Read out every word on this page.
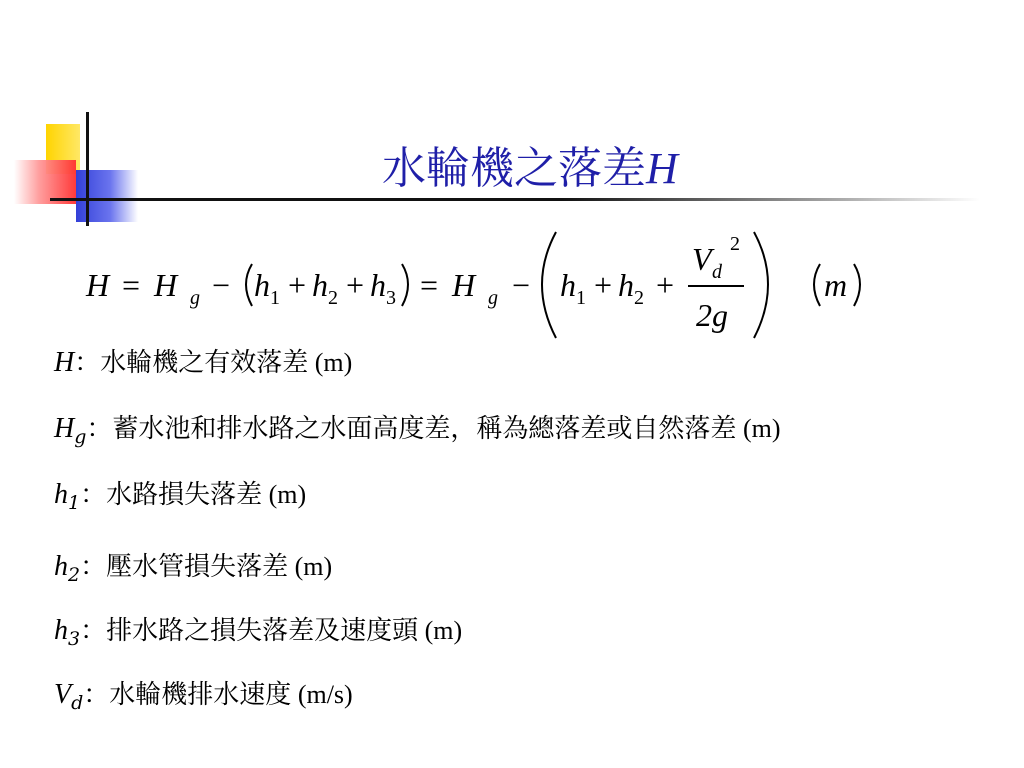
水輪機之落差H
H = H g − h 1 + h 2 + h 3 = H g − h 1 + h 2 +
V d
2
2g
m
H：水輪機之有效落差 (m)
$H_g$：蓄水池和排水路之水面高度差，稱為總落差或自然落差 (m)
$h_1$：水路損失落差 (m)
$h_2$：壓水管損失落差 (m)
$h_3$：排水路之損失落差及速度頭 (m)
$V_d$：水輪機排水速度 (m/s)
